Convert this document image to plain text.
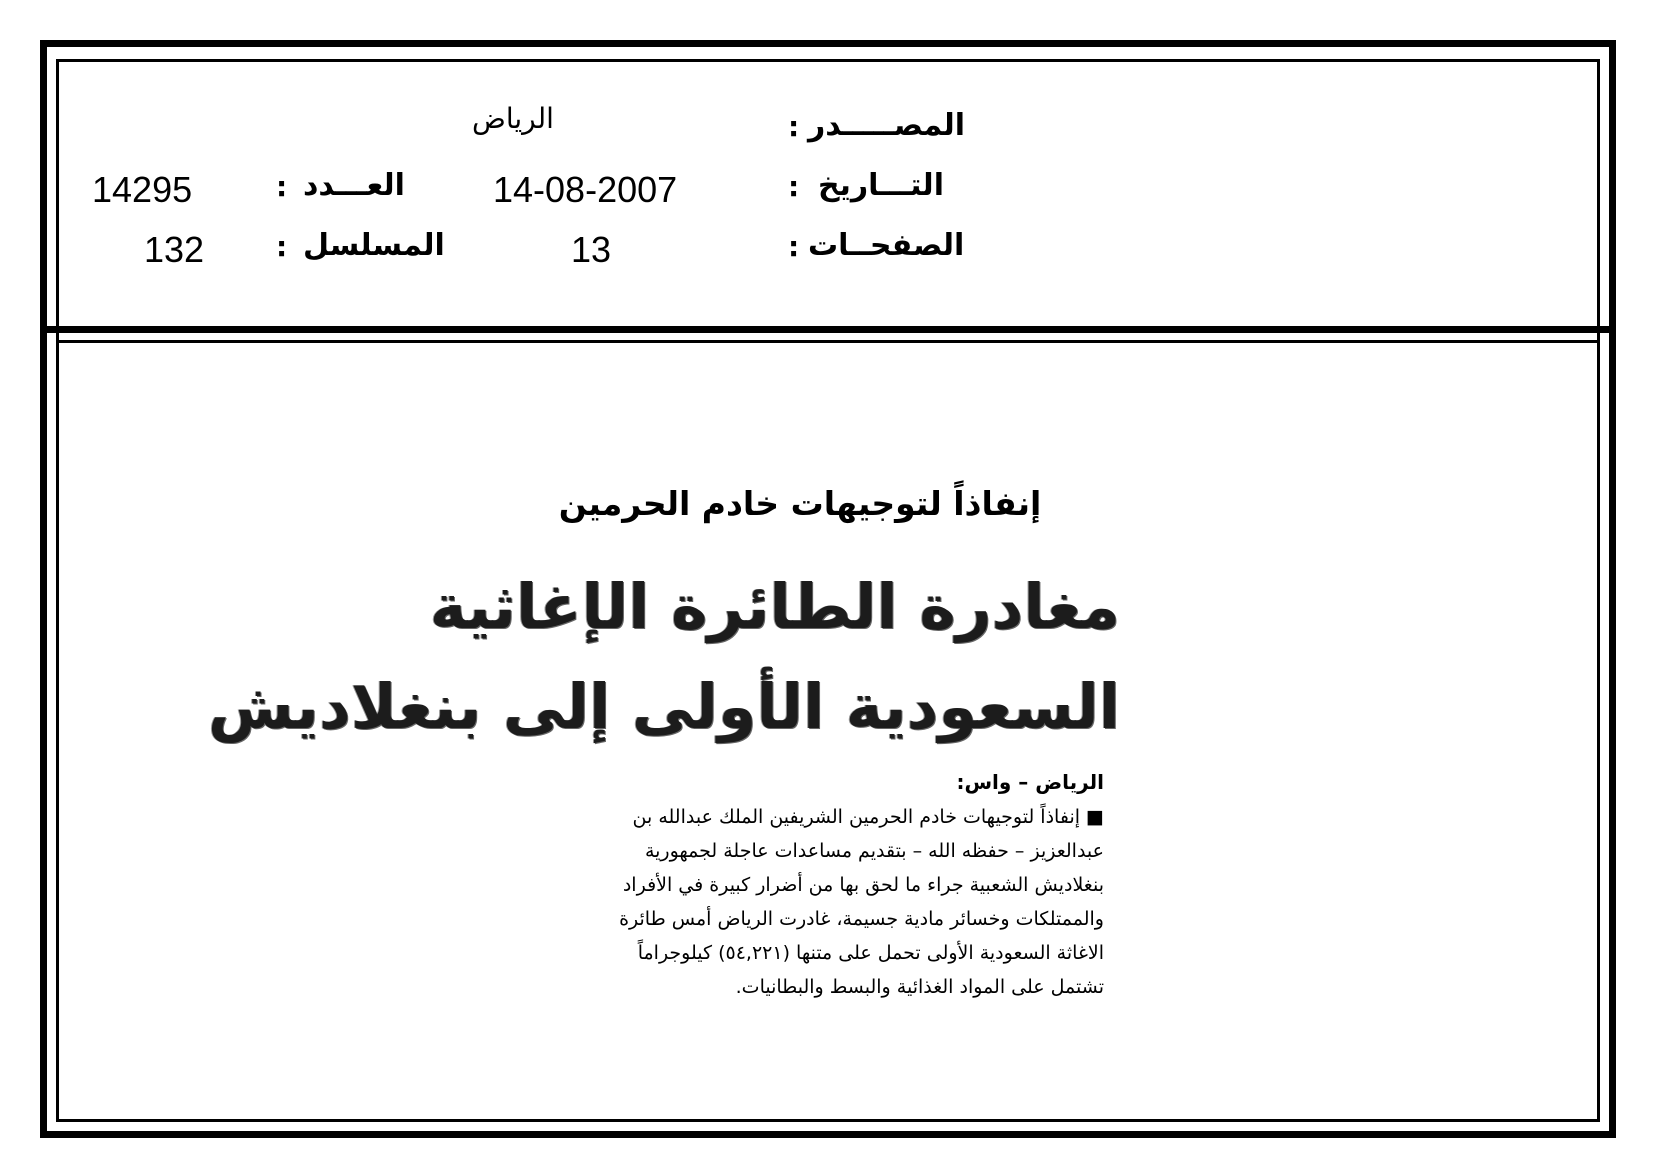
المصـــــدر
:
الرياض
التـــاريخ
:
14-08-2007
العـــدد
:
14295
الصفحــات
:
13
المسلسل
:
132
إنفاذاً لتوجيهات خادم الحرمين
مغادرة الطائرة الإغاثية
السعودية الأولى إلى بنغلاديش
الرياض – واس:
■ إنفاذاً لتوجيهات خادم الحرمين الشريفين الملك عبدالله بن
عبدالعزيز – حفظه الله – بتقديم مساعدات عاجلة لجمهورية
بنغلاديش الشعبية جراء ما لحق بها من أضرار كبيرة في الأفراد
والممتلكات وخسائر مادية جسيمة، غادرت الرياض أمس طائرة
الاغاثة السعودية الأولى تحمل على متنها (٥٤,٢٢١) كيلوجراماً
تشتمل على المواد الغذائية والبسط والبطانيات.
